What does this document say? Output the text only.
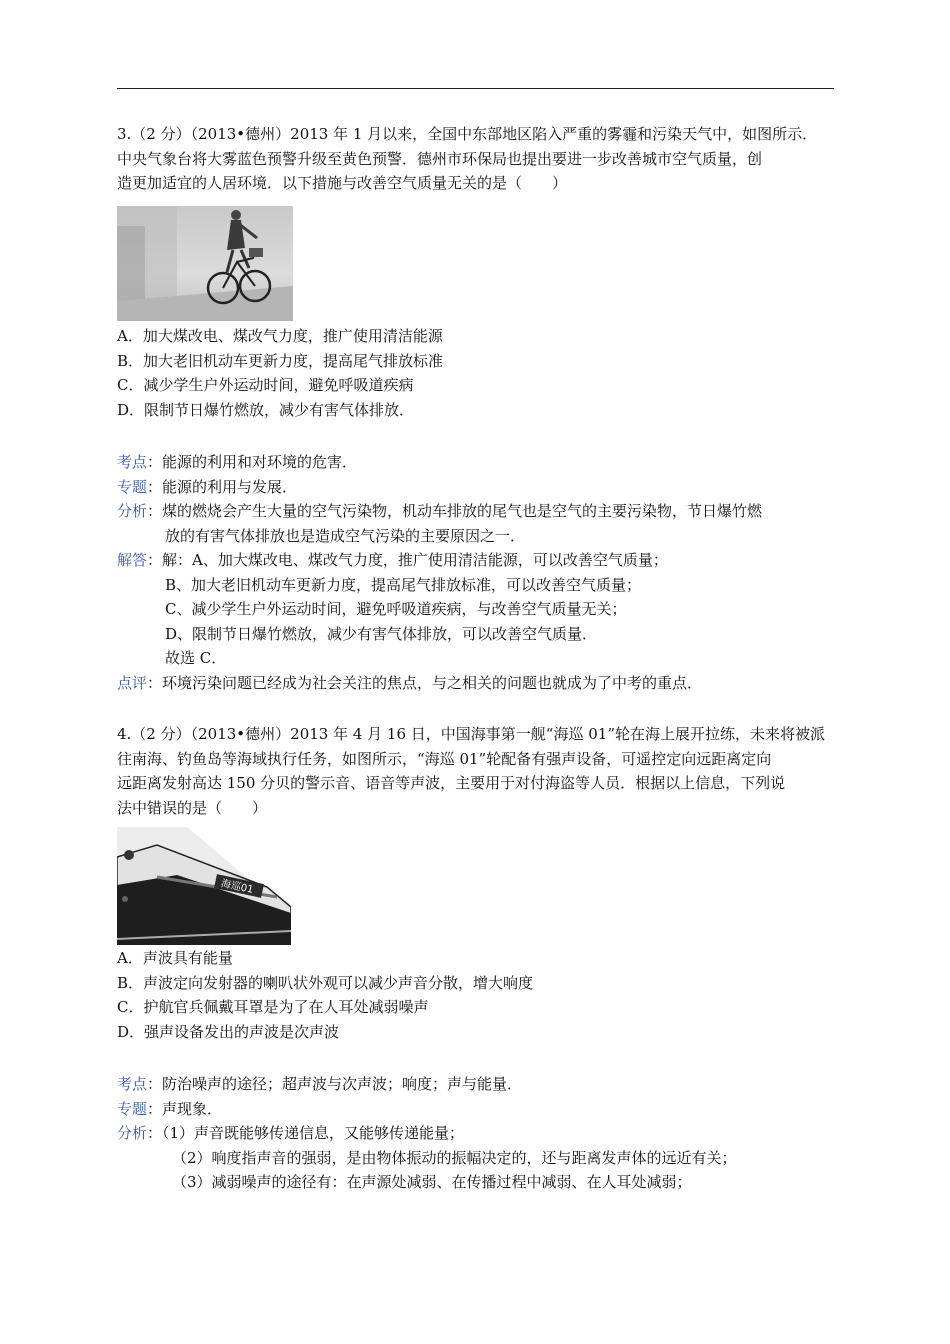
3.（2 分）（2013•德州）2013 年 1 月以来，全国中东部地区陷入严重的雾霾和污染天气中，如图所示．
中央气象台将大雾蓝色预警升级至黄色预警．德州市环保局也提出要进一步改善城市空气质量，创
造更加适宜的人居环境．以下措施与改善空气质量无关的是（　　）
A．加大煤改电、煤改气力度，推广使用清洁能源
B．加大老旧机动车更新力度，提高尾气排放标准
C．减少学生户外运动时间，避免呼吸道疾病
D．限制节日爆竹燃放，减少有害气体排放．
考点：能源的利用和对环境的危害．
专题：能源的利用与发展．
分析：煤的燃烧会产生大量的空气污染物，机动车排放的尾气也是空气的主要污染物，节日爆竹燃
放的有害气体排放也是造成空气污染的主要原因之一．
解答：解：A、加大煤改电、煤改气力度，推广使用清洁能源，可以改善空气质量；
B、加大老旧机动车更新力度，提高尾气排放标准，可以改善空气质量；
C、减少学生户外运动时间，避免呼吸道疾病，与改善空气质量无关；
D、限制节日爆竹燃放，减少有害气体排放，可以改善空气质量．
故选 C．
点评：环境污染问题已经成为社会关注的焦点，与之相关的问题也就成为了中考的重点．
4.（2 分）（2013•德州）2013 年 4 月 16 日，中国海事第一舰“海巡 01”轮在海上展开拉练，未来将被派
往南海、钓鱼岛等海域执行任务，如图所示，“海巡 01”轮配备有强声设备，可遥控定向远距离定向
远距离发射高达 150 分贝的警示音、语音等声波，主要用于对付海盗等人员．根据以上信息，下列说
法中错误的是（　　）
海巡01
A．声波具有能量
B．声波定向发射器的喇叭状外观可以减少声音分散，增大响度
C．护航官兵佩戴耳罩是为了在人耳处减弱噪声
D．强声设备发出的声波是次声波
考点：防治噪声的途径；超声波与次声波；响度；声与能量．
专题：声现象．
分析：（1）声音既能够传递信息，又能够传递能量；
（2）响度指声音的强弱，是由物体振动的振幅决定的，还与距离发声体的远近有关；
（3）减弱噪声的途径有：在声源处减弱、在传播过程中减弱、在人耳处减弱；
